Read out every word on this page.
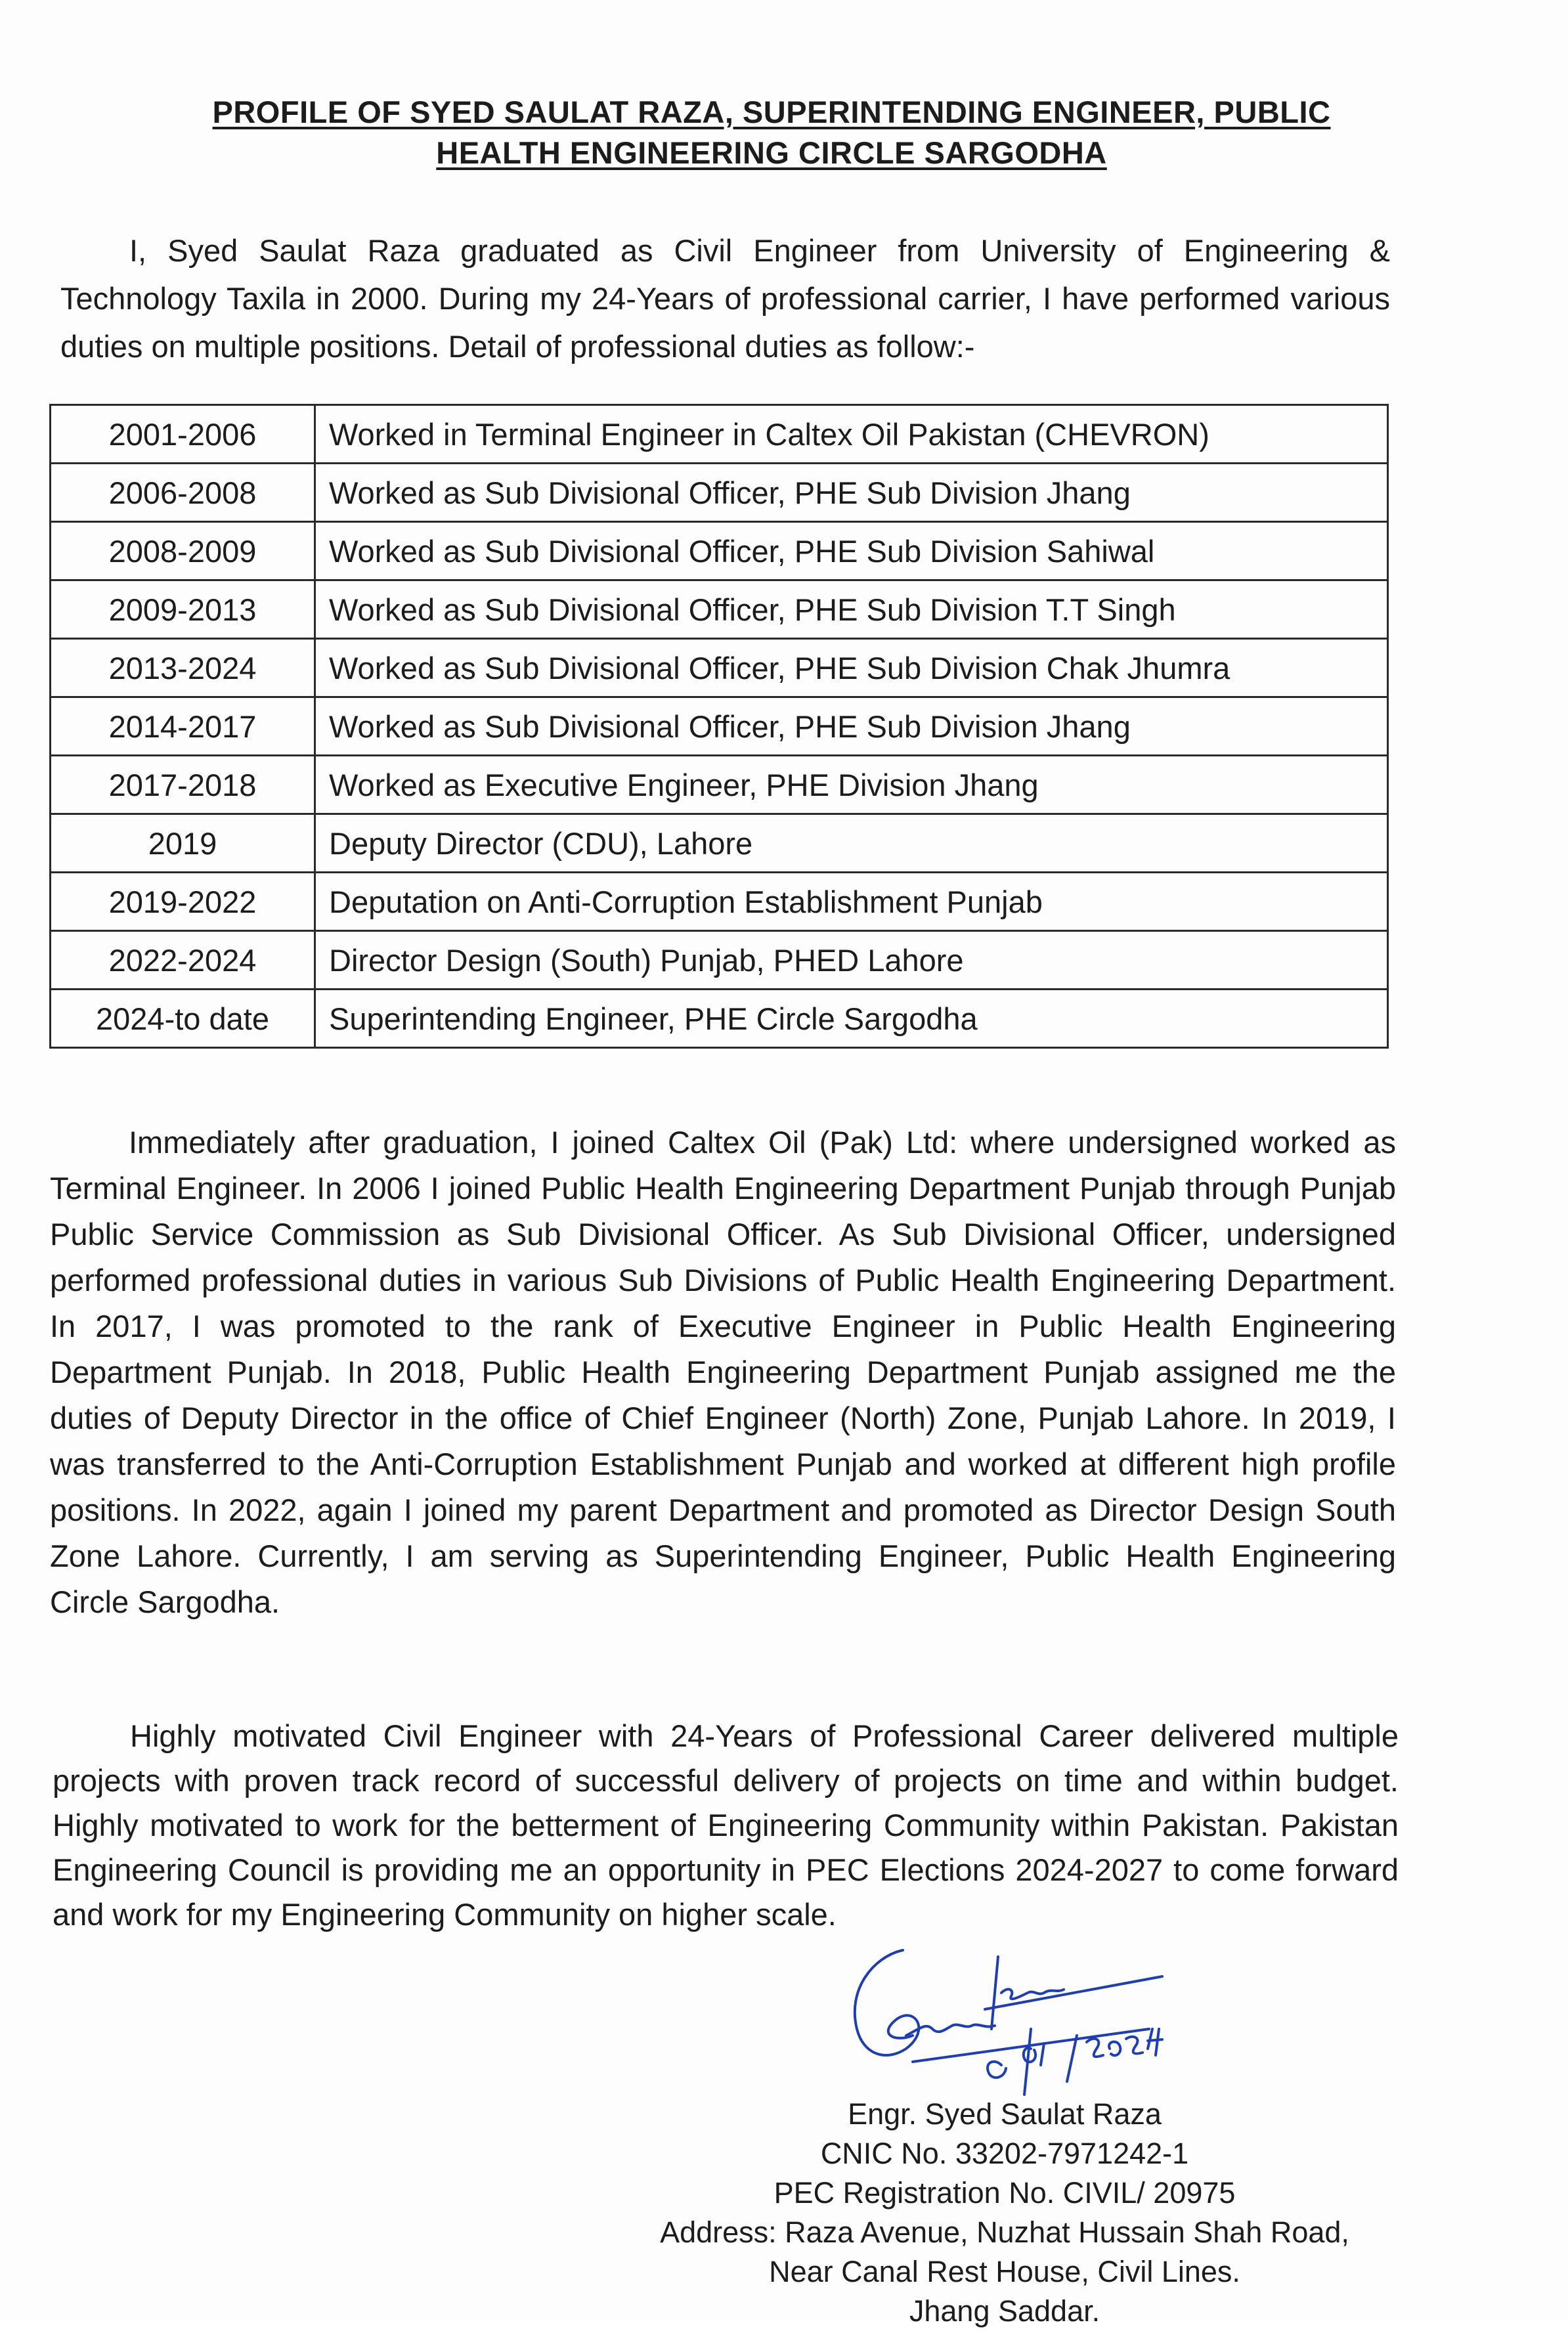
PROFILE OF SYED SAULAT RAZA, SUPERINTENDING ENGINEER, PUBLIC
HEALTH ENGINEERING CIRCLE SARGODHA

I, Syed Saulat Raza graduated as Civil Engineer from University of Engineering & Technology Taxila in 2000. During my 24-Years of professional carrier, I have performed various duties on multiple positions. Detail of professional duties as follow:-

2001-2006	Worked in Terminal Engineer in Caltex Oil Pakistan (CHEVRON)
2006-2008	Worked as Sub Divisional Officer, PHE Sub Division Jhang
2008-2009	Worked as Sub Divisional Officer, PHE Sub Division Sahiwal
2009-2013	Worked as Sub Divisional Officer, PHE Sub Division T.T Singh
2013-2024	Worked as Sub Divisional Officer, PHE Sub Division Chak Jhumra
2014-2017	Worked as Sub Divisional Officer, PHE Sub Division Jhang
2017-2018	Worked as Executive Engineer, PHE Division Jhang
2019	Deputy Director (CDU), Lahore
2019-2022	Deputation on Anti-Corruption Establishment Punjab
2022-2024	Director Design (South) Punjab, PHED Lahore
2024-to date	Superintending Engineer, PHE Circle Sargodha

Immediately after graduation, I joined Caltex Oil (Pak) Ltd: where undersigned worked as Terminal Engineer. In 2006 I joined Public Health Engineering Department Punjab through Punjab Public Service Commission as Sub Divisional Officer. As Sub Divisional Officer, undersigned performed professional duties in various Sub Divisions of Public Health Engineering Department. In 2017, I was promoted to the rank of Executive Engineer in Public Health Engineering Department Punjab. In 2018, Public Health Engineering Department Punjab assigned me the duties of Deputy Director in the office of Chief Engineer (North) Zone, Punjab Lahore. In 2019, I was transferred to the Anti-Corruption Establishment Punjab and worked at different high profile positions. In 2022, again I joined my parent Department and promoted as Director Design South Zone Lahore. Currently, I am serving as Superintending Engineer, Public Health Engineering Circle Sargodha.

Highly motivated Civil Engineer with 24-Years of Professional Career delivered multiple projects with proven track record of successful delivery of projects on time and within budget. Highly motivated to work for the betterment of Engineering Community within Pakistan. Pakistan Engineering Council is providing me an opportunity in PEC Elections 2024-2027 to come forward and work for my Engineering Community on higher scale.

Engr. Syed Saulat Raza
CNIC No. 33202-7971242-1
PEC Registration No. CIVIL/ 20975
Address: Raza Avenue, Nuzhat Hussain Shah Road,
Near Canal Rest House, Civil Lines.
Jhang Saddar.
